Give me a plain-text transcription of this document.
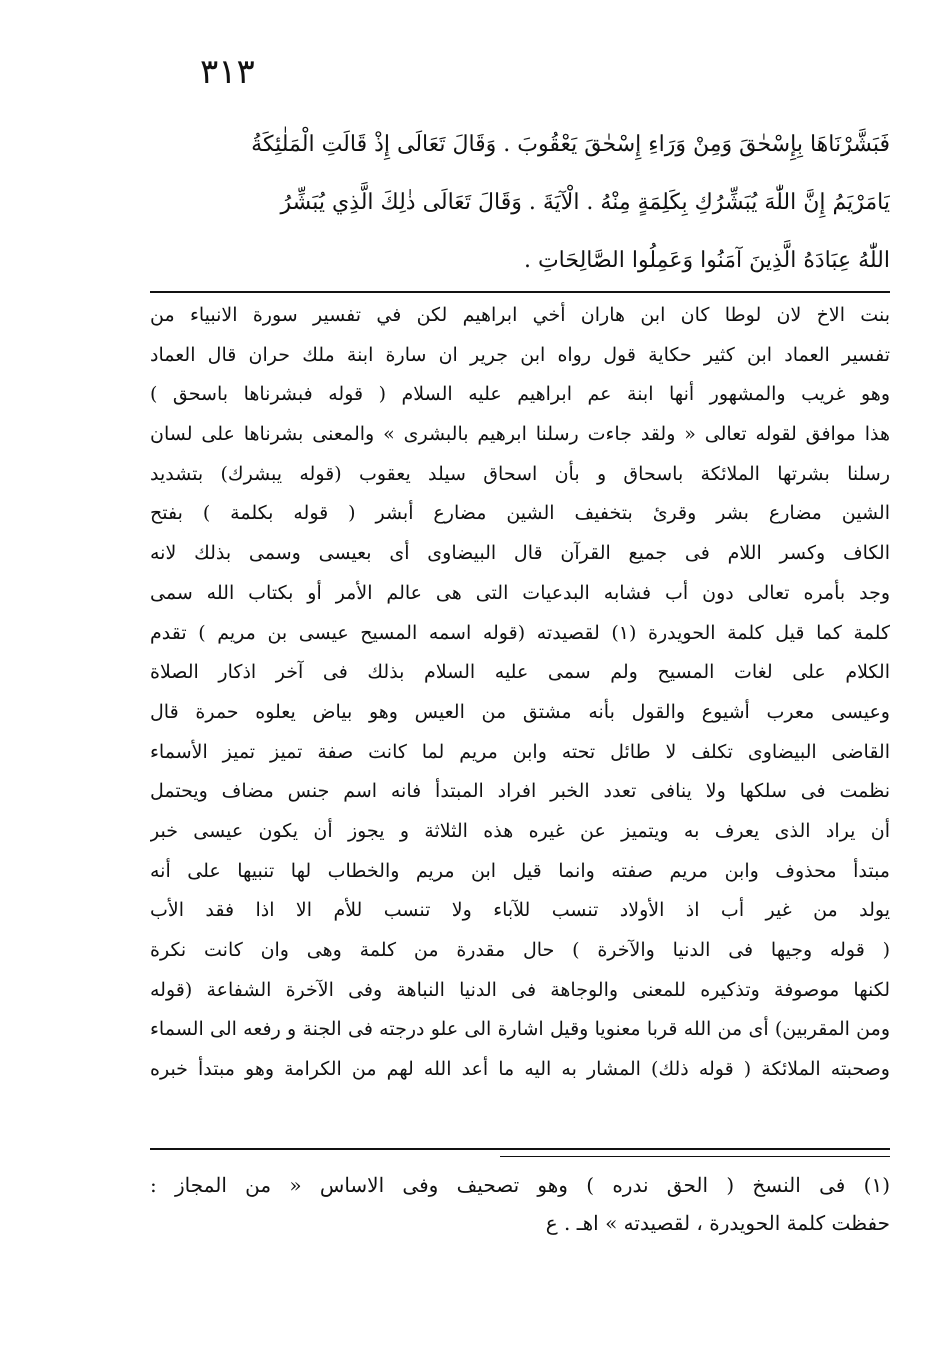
٣١٣
فَبَشَّرْنَاهَا بِإِسْحٰقَ وَمِنْ وَرَاءِ إِسْحٰقَ يَعْقُوبَ . وَقَالَ تَعَالَى إِذْ قَالَتِ الْمَلٰئِكَةُ
يَامَرْيَمُ إِنَّ اللّٰهَ يُبَشِّرُكِ بِكَلِمَةٍ مِنْهُ . الْآيَةَ . وَقَالَ تَعَالَى ذٰلِكَ الَّذِي يُبَشِّرُ
اللّٰهُ عِبَادَهُ الَّذِينَ آمَنُوا وَعَمِلُوا الصَّالِحَاتِ .
بنت الاخ لان لوطا كان ابن هاران أخي ابراهيم لكن في تفسير سورة الانبياء من
تفسير العماد ابن كثير حكاية قول رواه ابن جرير ان سارة ابنة ملك حران قال العماد
وهو غريب والمشهور أنها ابنة عم ابراهيم عليه السلام ( قوله فبشرناها باسحق )
هذا موافق لقوله تعالى « ولقد جاءت رسلنا ابرهيم بالبشرى » والمعنى بشرناها على لسان
رسلنا بشرتها الملائكة باسحاق و بأن اسحاق سيلد يعقوب (قوله يبشرك) بتشديد
الشين مضارع بشر وقرئ بتخفيف الشين مضارع أبشر ( قوله بكلمة ) بفتح
الكاف وكسر اللام فى جميع القرآن قال البيضاوى أى بعيسى وسمى بذلك لانه
وجد بأمره تعالى دون أب فشابه البدعيات التى هى عالم الأمر أو بكتاب الله سمى
كلمة كما قيل كلمة الحويدرة (١) لقصيدته (قوله اسمه المسيح عيسى بن مريم ) تقدم
الكلام على لغات المسيح ولم سمى عليه السلام بذلك فى آخر اذكار الصلاة
وعيسى معرب أشيوع والقول بأنه مشتق من العيس وهو بياض يعلوه حمرة قال
القاضى البيضاوى تكلف لا طائل تحته وابن مريم لما كانت صفة تميز تميز الأسماء
نظمت فى سلكها ولا ينافى تعدد الخبر افراد المبتدأ فانه اسم جنس مضاف ويحتمل
أن يراد الذى يعرف به ويتميز عن غيره هذه الثلاثة و يجوز أن يكون عيسى خبر
مبتدأ محذوف وابن مريم صفته وانما قيل ابن مريم والخطاب لها تنبيها على أنه
يولد من غير أب اذ الأولاد تنسب للآباء ولا تنسب للأم الا اذا فقد الأب
( قوله وجيها فى الدنيا والآخرة ) حال مقدرة من كلمة وهى وان كانت نكرة
لكنها موصوفة وتذكيره للمعنى والوجاهة فى الدنيا النباهة وفى الآخرة الشفاعة (قوله
ومن المقربين) أى من الله قربا معنويا وقيل اشارة الى علو درجته فى الجنة و رفعه الى السماء
وصحبته الملائكة ( قوله ذلك) المشار به اليه ما أعد الله لهم من الكرامة وهو مبتدأ خبره
(١) فى النسخ ( الحق ندره ) وهو تصحيف وفى الاساس « من المجاز :
حفظت كلمة الحويدرة ، لقصيدته » اهـ . ع
